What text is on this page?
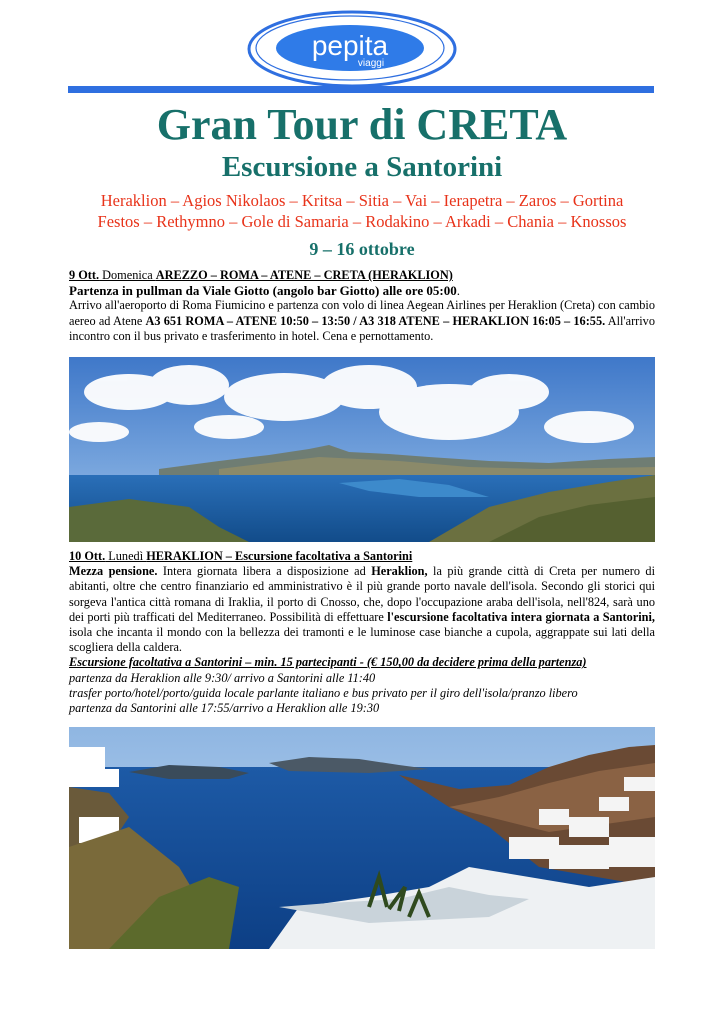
pepita
viaggi
Gran Tour di CRETA
Escursione a Santorini
Heraklion – Agios Nikolaos – Kritsa – Sitia – Vai – Ierapetra – Zaros – Gortina
Festos – Rethymno – Gole di Samaria – Rodakino – Arkadi – Chania – Knossos
9 – 16 ottobre

9 Ott. Domenica AREZZO – ROMA – ATENE – CRETA (HERAKLION)

Partenza in pullman da Viale Giotto (angolo bar Giotto) alle ore 05:00.

Arrivo all'aeroporto di Roma Fiumicino e partenza con volo di linea Aegean Airlines per Heraklion (Creta) con cambio aereo ad Atene A3 651 ROMA – ATENE 10:50 – 13:50 / A3 318 ATENE – HERAKLION 16:05 – 16:55. All'arrivo incontro con il bus privato e trasferimento in hotel. Cena e pernottamento.

10 Ott. Lunedì HERAKLION – Escursione facoltativa a Santorini

Mezza pensione. Intera giornata libera a disposizione ad Heraklion, la più grande città di Creta per numero di abitanti, oltre che centro finanziario ed amministrativo è il più grande porto navale dell'isola. Secondo gli storici qui sorgeva l'antica città romana di Iraklia, il porto di Cnosso, che, dopo l'occupazione araba dell'isola, nell'824, sarà uno dei porti più trafficati del Mediterraneo. Possibilità di effettuare l'escursione facoltativa intera giornata a Santorini, isola che incanta il mondo con la bellezza dei tramonti e le luminose case bianche a cupola, aggrappate sui lati della scogliera della caldera.

Escursione facoltativa a Santorini – min. 15 partecipanti - (€ 150,00 da decidere prima della partenza)

partenza da Heraklion alle 9:30/ arrivo a Santorini alle 11:40

trasfer porto/hotel/porto/guida locale parlante italiano e bus privato per il giro dell'isola/pranzo libero

partenza da Santorini alle 17:55/arrivo a Heraklion alle 19:30
